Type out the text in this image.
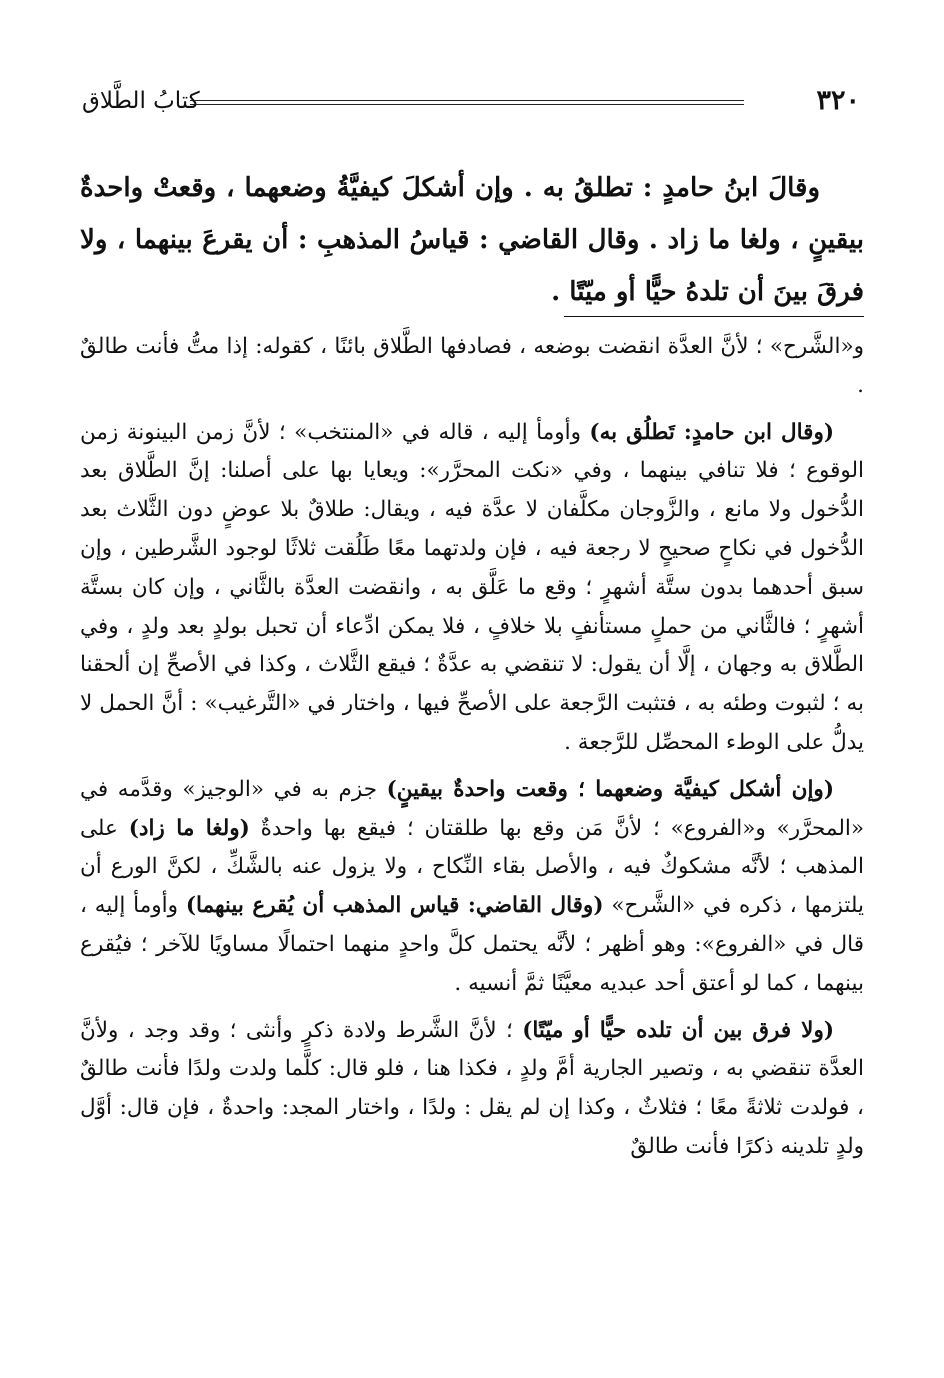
٣٢٠
كتابُ الطَّلاق
وقالَ ابنُ حامدٍ : تطلقُ به . وإن أشكلَ كيفيَّةُ وضعهما ، وقعتْ واحدةٌ بيقينٍ ، ولغا ما زاد . وقال القاضي : قياسُ المذهبِ : أن يقرعَ بينهما ، ولا فرقَ بينَ أن تلدهُ حيًّا أو ميّتًا .

و«الشَّرح» ؛ لأنَّ العدَّة انقضت بوضعه ، فصادفها الطَّلاق بائنًا ، كقوله: إذا متُّ فأنت طالقٌ .

(وقال ابن حامدٍ: تَطلُق به) وأومأ إليه ، قاله في «المنتخب» ؛ لأنَّ زمن البينونة زمن الوقوع ؛ فلا تنافي بينهما ، وفي «نكت المحرَّر»: ويعايا بها على أصلنا: إنَّ الطَّلاق بعد الدُّخول ولا مانع ، والزَّوجان مكلَّفان لا عدَّة فيه ، ويقال: طلاقٌ بلا عوضٍ دون الثَّلاث بعد الدُّخول في نكاحٍ صحيحٍ لا رجعة فيه ، فإن ولدتهما معًا طَلُقت ثلاثًا لوجود الشَّرطين ، وإن سبق أحدهما بدون ستَّة أشهرٍ ؛ وقع ما عَلَّق به ، وانقضت العدَّة بالثَّاني ، وإن كان بستَّة أشهرٍ ؛ فالثَّاني من حملٍ مستأنفٍ بلا خلافٍ ، فلا يمكن ادِّعاء أن تحبل بولدٍ بعد ولدٍ ، وفي الطَّلاق به وجهان ، إلَّا أن يقول: لا تنقضي به عدَّةٌ ؛ فيقع الثَّلاث ، وكذا في الأصحِّ إن ألحقنا به ؛ لثبوت وطئه به ، فتثبت الرَّجعة على الأصحِّ فيها ، واختار في «التَّرغيب» : أنَّ الحمل لا يدلُّ على الوطء المحصِّل للرَّجعة .

(وإن أشكل كيفيَّة وضعهما ؛ وقعت واحدةٌ بيقينٍ) جزم به في «الوجيز» وقدَّمه في «المحرَّر» و«الفروع» ؛ لأنَّ مَن وقع بها طلقتان ؛ فيقع بها واحدةٌ (ولغا ما زاد) على المذهب ؛ لأنَّه مشكوكٌ فيه ، والأصل بقاء النِّكاح ، ولا يزول عنه بالشَّكِّ ، لكنَّ الورع أن يلتزمها ، ذكره في «الشَّرح» (وقال القاضي: قياس المذهب أن يُقرع بينهما) وأومأ إليه ، قال في «الفروع»: وهو أظهر ؛ لأنَّه يحتمل كلَّ واحدٍ منهما احتمالًا مساويًا للآخر ؛ فيُقرع بينهما ، كما لو أعتق أحد عبديه معيَّنًا ثمَّ أنسيه .

(ولا فرق بين أن تلده حيًّا أو ميّتًا) ؛ لأنَّ الشَّرط ولادة ذكرٍ وأنثى ؛ وقد وجد ، ولأنَّ العدَّة تنقضي به ، وتصير الجارية أمَّ ولدٍ ، فكذا هنا ، فلو قال: كلَّما ولدت ولدًا فأنت طالقٌ ، فولدت ثلاثةً معًا ؛ فثلاثٌ ، وكذا إن لم يقل : ولدًا ، واختار المجد: واحدةٌ ، فإن قال: أوَّل ولدٍ تلدينه ذكرًا فأنت طالقٌ
